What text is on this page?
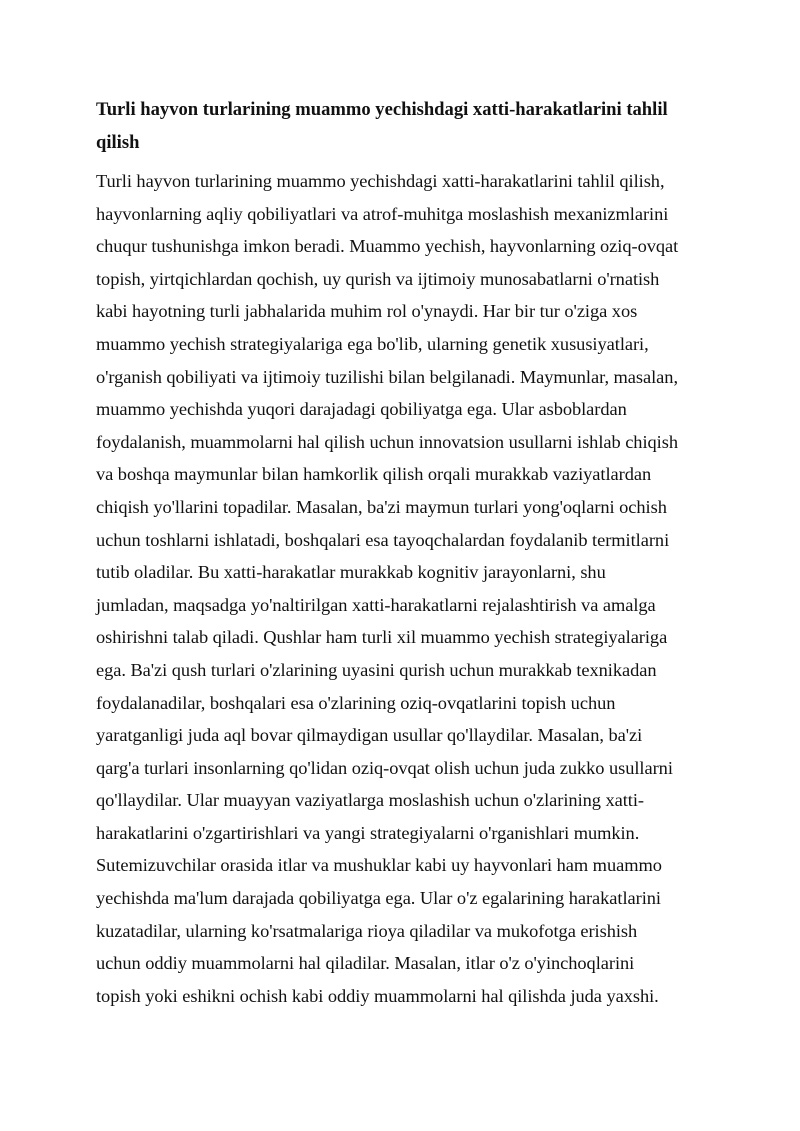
Turli hayvon turlarining muammo yechishdagi xatti-harakatlarini tahlil
qilish

Turli hayvon turlarining muammo yechishdagi xatti-harakatlarini tahlil qilish,
hayvonlarning aqliy qobiliyatlari va atrof-muhitga moslashish mexanizmlarini
chuqur tushunishga imkon beradi. Muammo yechish, hayvonlarning oziq-ovqat
topish, yirtqichlardan qochish, uy qurish va ijtimoiy munosabatlarni o'rnatish
kabi hayotning turli jabhalarida muhim rol o'ynaydi. Har bir tur o'ziga xos
muammo yechish strategiyalariga ega bo'lib, ularning genetik xususiyatlari,
o'rganish qobiliyati va ijtimoiy tuzilishi bilan belgilanadi. Maymunlar, masalan,
muammo yechishda yuqori darajadagi qobiliyatga ega. Ular asboblardan
foydalanish, muammolarni hal qilish uchun innovatsion usullarni ishlab chiqish
va boshqa maymunlar bilan hamkorlik qilish orqali murakkab vaziyatlardan
chiqish yo'llarini topadilar. Masalan, ba'zi maymun turlari yong'oqlarni ochish
uchun toshlarni ishlatadi, boshqalari esa tayoqchalardan foydalanib termitlarni
tutib oladilar. Bu xatti-harakatlar murakkab kognitiv jarayonlarni, shu
jumladan, maqsadga yo'naltirilgan xatti-harakatlarni rejalashtirish va amalga
oshirishni talab qiladi. Qushlar ham turli xil muammo yechish strategiyalariga
ega. Ba'zi qush turlari o'zlarining uyasini qurish uchun murakkab texnikadan
foydalanadilar, boshqalari esa o'zlarining oziq-ovqatlarini topish uchun
yaratganligi juda aql bovar qilmaydigan usullar qo'llaydilar. Masalan, ba'zi
qarg'a turlari insonlarning qo'lidan oziq-ovqat olish uchun juda zukko usullarni
qo'llaydilar. Ular muayyan vaziyatlarga moslashish uchun o'zlarining xatti-
harakatlarini o'zgartirishlari va yangi strategiyalarni o'rganishlari mumkin.
Sutemizuvchilar orasida itlar va mushuklar kabi uy hayvonlari ham muammo
yechishda ma'lum darajada qobiliyatga ega. Ular o'z egalarining harakatlarini
kuzatadilar, ularning ko'rsatmalariga rioya qiladilar va mukofotga erishish
uchun oddiy muammolarni hal qiladilar. Masalan, itlar o'z o'yinchoqlarini
topish yoki eshikni ochish kabi oddiy muammolarni hal qilishda juda yaxshi.
